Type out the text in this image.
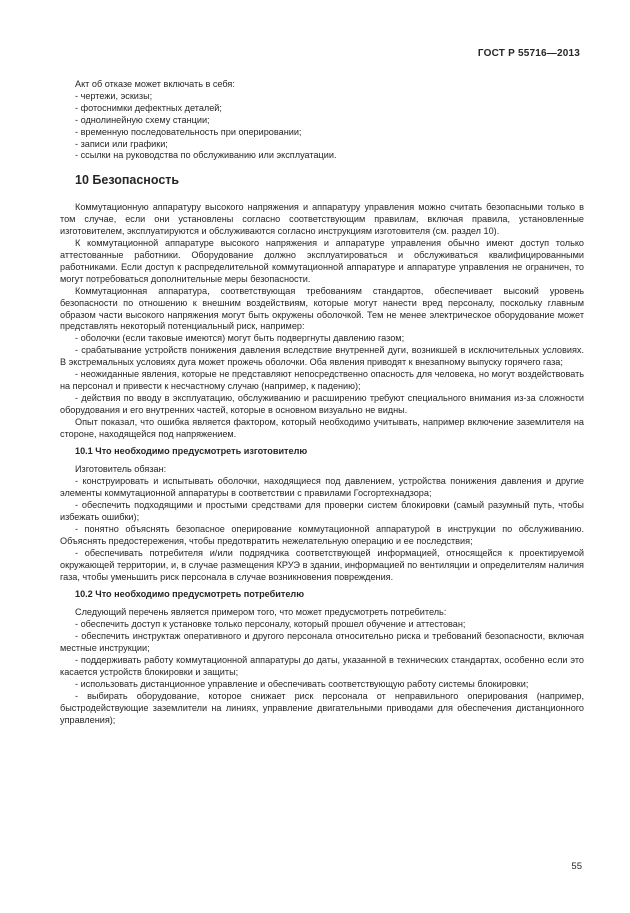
ГОСТ Р 55716—2013

Акт об отказе может включать в себя:

- чертежи, эскизы;

- фотоснимки дефектных деталей;

- однолинейную схему станции;

- временную последовательность при оперировании;

- записи или графики;

- ссылки на руководства по обслуживанию или эксплуатации.

10 Безопасность

Коммутационную аппаратуру высокого напряжения и аппаратуру управления можно считать безопасными только в том случае, если они установлены согласно соответствующим правилам, включая правила, установленные изготовителем, эксплуатируются и обслуживаются согласно инструкциям изготовителя (см. раздел 10).

К коммутационной аппаратуре высокого напряжения и аппаратуре управления обычно имеют доступ только аттестованные работники. Оборудование должно эксплуатироваться и обслуживаться квалифицированными работниками. Если доступ к распределительной коммутационной аппаратуре и аппаратуре управления не ограничен, то могут потребоваться дополнительные меры безопасности.

Коммутационная аппаратура, соответствующая требованиям стандартов, обеспечивает высокий уровень безопасности по отношению к внешним воздействиям, которые могут нанести вред персоналу, поскольку главным образом части высокого напряжения могут быть окружены оболочкой. Тем не менее электрическое оборудование может представлять некоторый потенциальный риск, например:

- оболочки (если таковые имеются) могут быть подвергнуты давлению газом;

- срабатывание устройств понижения давления вследствие внутренней дуги, возникшей в исключительных условиях. В экстремальных условиях дуга может прожечь оболочки. Оба явления приводят к внезапному выпуску горячего газа;

- неожиданные явления, которые не представляют непосредственно опасность для человека, но могут воздействовать на персонал и привести к несчастному случаю (например, к падению);

- действия по вводу в эксплуатацию, обслуживанию и расширению требуют специального внимания из-за сложности оборудования и его внутренних частей, которые в основном визуально не видны.

Опыт показал, что ошибка является фактором, который необходимо учитывать, например включение заземлителя на стороне, находящейся под напряжением.

10.1 Что необходимо предусмотреть изготовителю

Изготовитель обязан:

- конструировать и испытывать оболочки, находящиеся под давлением, устройства понижения давления и другие элементы коммутационной аппаратуры в соответствии с правилами Госгортехнадзора;

- обеспечить подходящими и простыми средствами для проверки систем блокировки (самый разумный путь, чтобы избежать ошибки);

- понятно объяснять безопасное оперирование коммутационной аппаратурой в инструкции по обслуживанию. Объяснять предостережения, чтобы предотвратить нежелательную операцию и ее последствия;

- обеспечивать потребителя и/или подрядчика соответствующей информацией, относящейся к проектируемой окружающей территории, и, в случае размещения КРУЭ в здании, информацией по вентиляции и определителям наличия газа, чтобы уменьшить риск персонала в случае возникновения повреждения.

10.2 Что необходимо предусмотреть потребителю

Следующий перечень является примером того, что может предусмотреть потребитель:

- обеспечить доступ к установке только персоналу, который прошел обучение и аттестован;

- обеспечить инструктаж оперативного и другого персонала относительно риска и требований безопасности, включая местные инструкции;

- поддерживать работу коммутационной аппаратуры до даты, указанной в технических стандартах, особенно если это касается устройств блокировки и защиты;

- использовать дистанционное управление и обеспечивать соответствующую работу системы блокировки;

- выбирать оборудование, которое снижает риск персонала от неправильного оперирования (например, быстродействующие заземлители на линиях, управление двигательными приводами для обеспечения дистанционного управления);

55
